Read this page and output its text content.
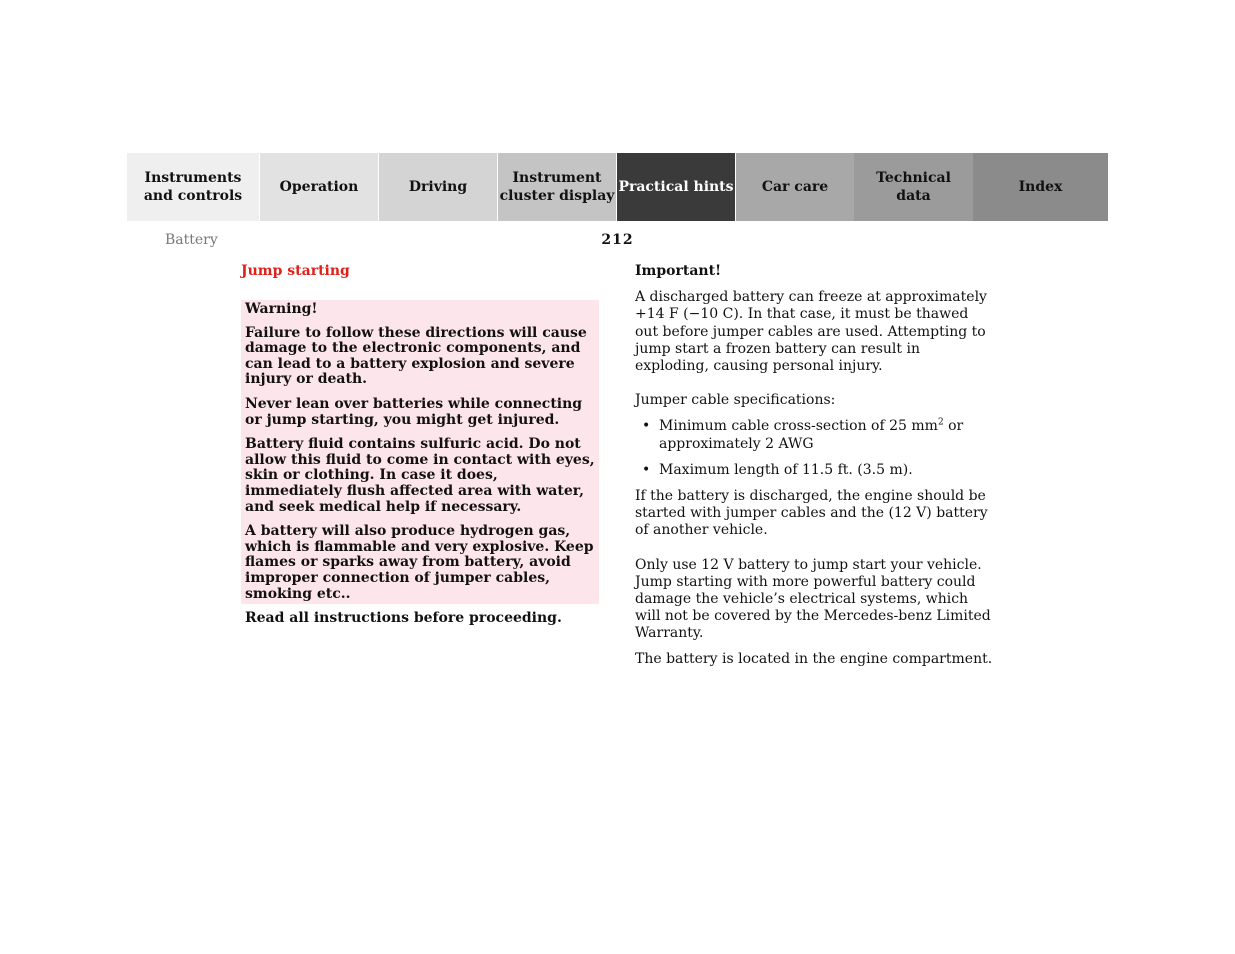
Instruments
and controls
Operation	Driving
Instrument
cluster display
Practical hints Car care
Technical
data
Index
Battery	212
Jump starting

Warning!

Failure to follow these directions will cause damage to the electronic components, and can lead to a battery explosion and severe injury or death.

Never lean over batteries while connecting or jump starting, you might get injured.

Battery fluid contains sulfuric acid. Do not allow this fluid to come in contact with eyes, skin or clothing. In case it does, immediately flush affected area with water, and seek medical help if necessary.

A battery will also produce hydrogen gas, which is flammable and very explosive. Keep flames or sparks away from battery, avoid improper connection of jumper cables, smoking etc..

Read all instructions before proceeding.

Important!

A discharged battery can freeze at approximately +14 F (−10 C). In that case, it must be thawed out before jumper cables are used. Attempting to jump start a frozen battery can result in exploding, causing personal injury.

Jumper cable specifications:

• Minimum cable cross-section of 25 $mm^2$ or approximately 2 AWG
• Maximum length of 11.5 ft. (3.5 m).

If the battery is discharged, the engine should be started with jumper cables and the (12 V) battery of another vehicle.

Only use 12 V battery to jump start your vehicle. Jump starting with more powerful battery could damage the vehicle’s electrical systems, which will not be covered by the Mercedes-benz Limited Warranty.

The battery is located in the engine compartment.
